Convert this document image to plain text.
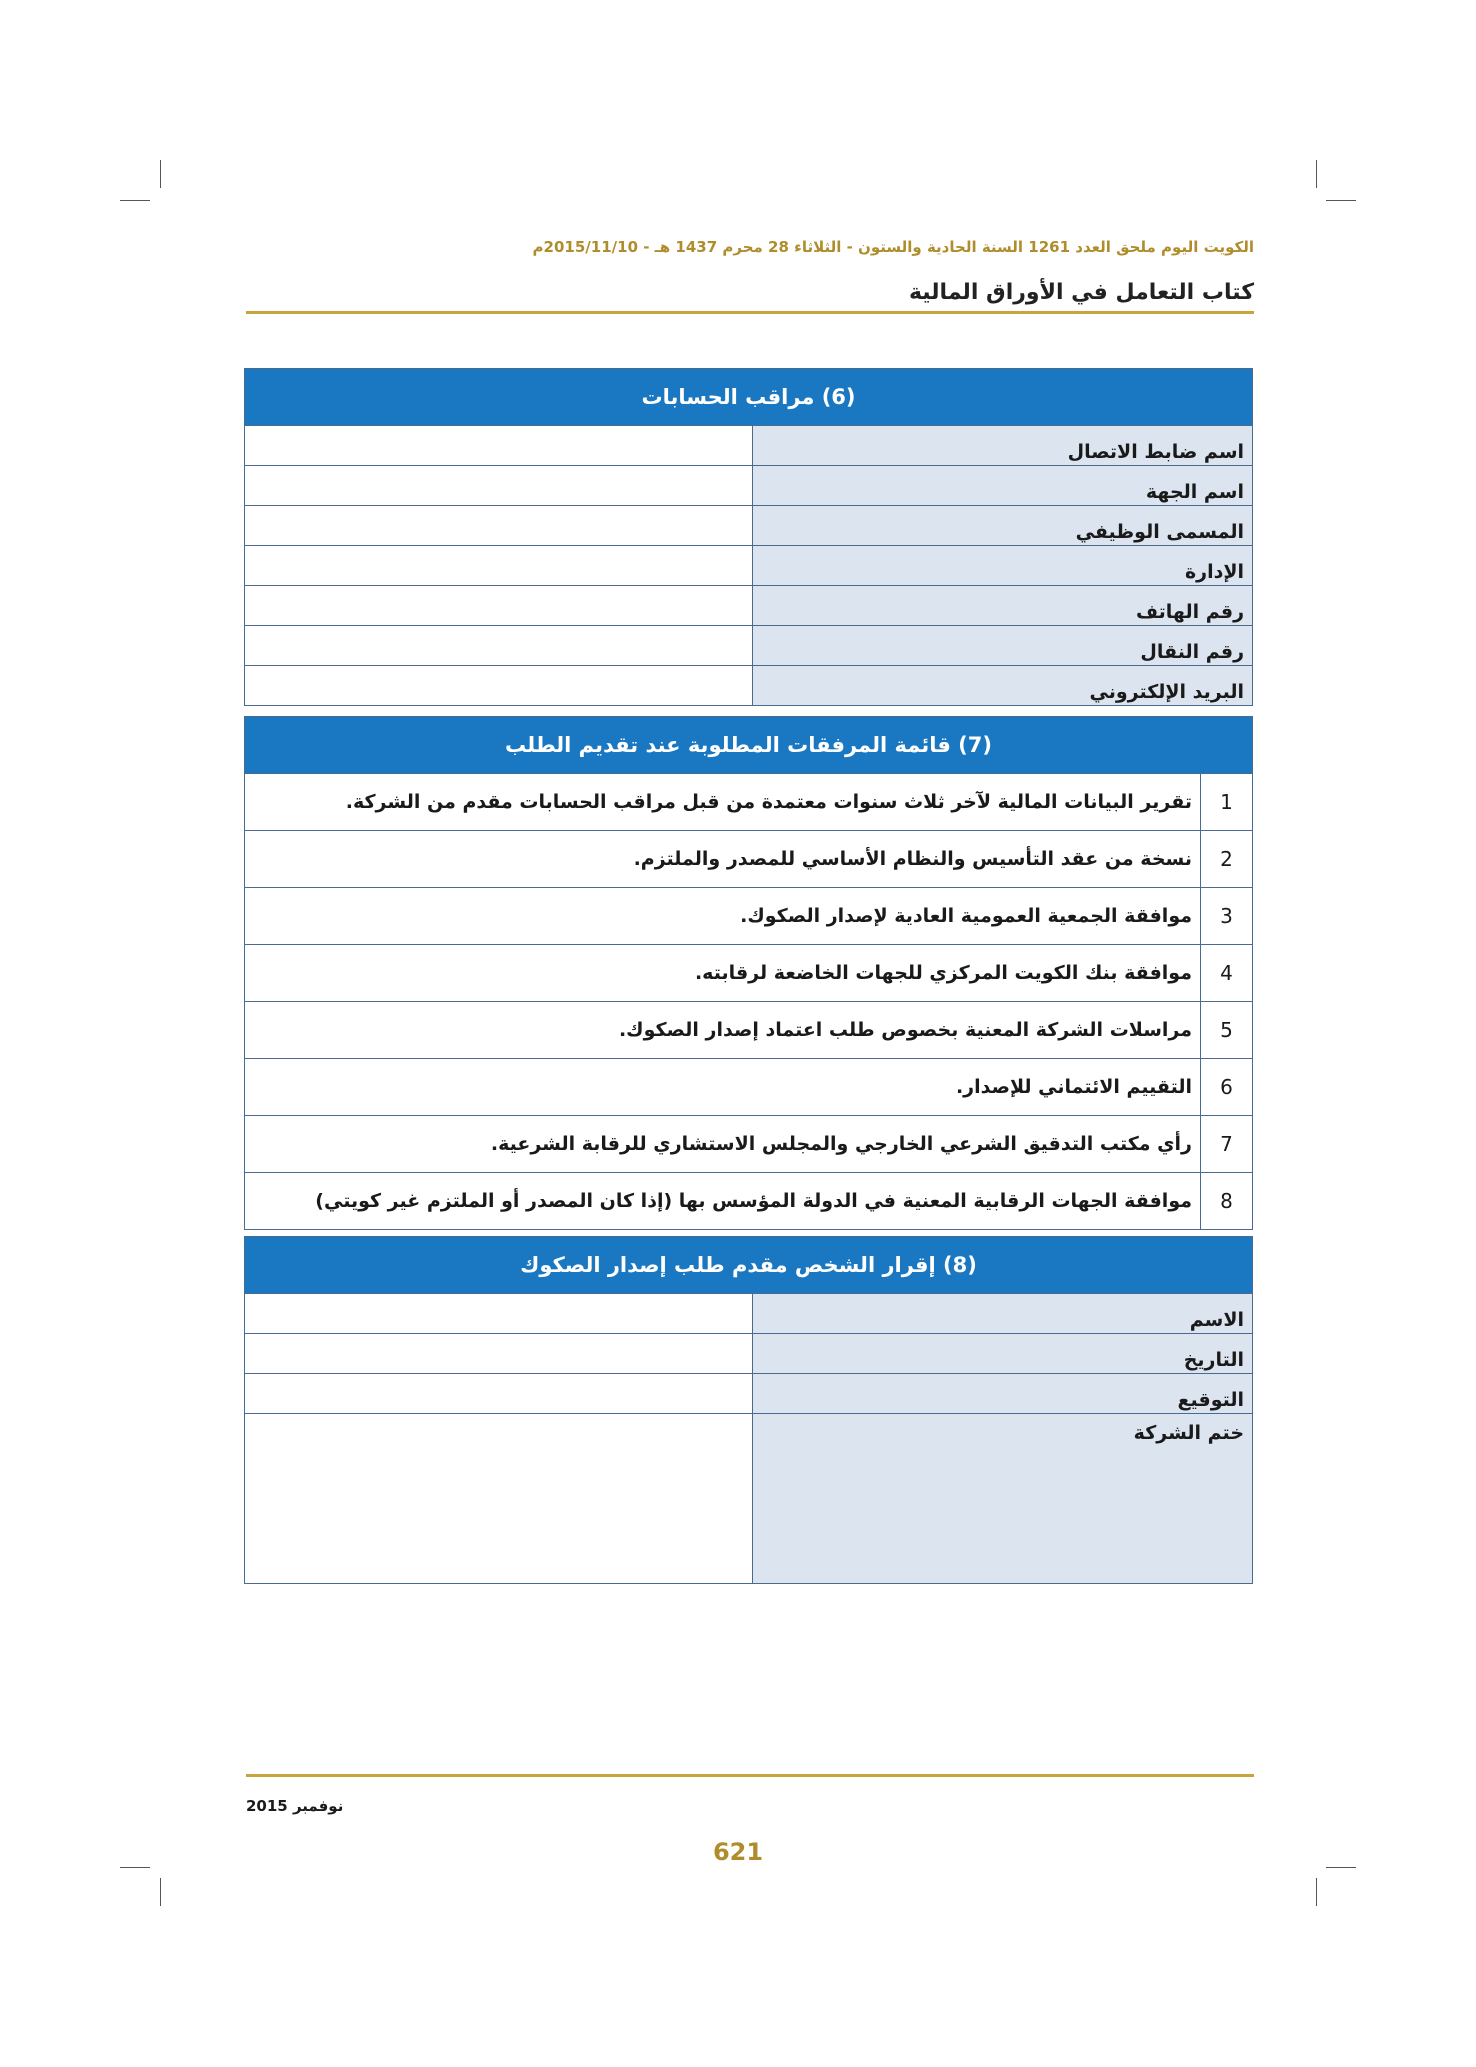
الكويت اليوم ملحق العدد 1261 السنة الحادية والستون - الثلاثاء 28 محرم 1437 هـ - 2015/11/10م
كتاب التعامل في الأوراق المالية
(6) مراقب الحسابات	
اسم ضابط الاتصال	
اسم الجهة	
المسمى الوظيفي	
الإدارة	
رقم الهاتف	
رقم النقال	
البريد الإلكتروني	
(7) قائمة المرفقات المطلوبة عند تقديم الطلب	
1	تقرير البيانات المالية لآخر ثلاث سنوات معتمدة من قبل مراقب الحسابات مقدم من الشركة.
2	نسخة من عقد التأسيس والنظام الأساسي للمصدر والملتزم.
3	موافقة الجمعية العمومية العادية لإصدار الصكوك.
4	موافقة بنك الكويت المركزي للجهات الخاضعة لرقابته.
5	مراسلات الشركة المعنية بخصوص طلب اعتماد إصدار الصكوك.
6	التقييم الائتماني للإصدار.
7	رأي مكتب التدقيق الشرعي الخارجي والمجلس الاستشاري للرقابة الشرعية.
8	موافقة الجهات الرقابية المعنية في الدولة المؤسس بها (إذا كان المصدر أو الملتزم غير كويتي)
(8) إقرار الشخص مقدم طلب إصدار الصكوك	
الاسم	
التاريخ	
التوقيع	
ختم الشركة	
نوفمبر 2015
621
